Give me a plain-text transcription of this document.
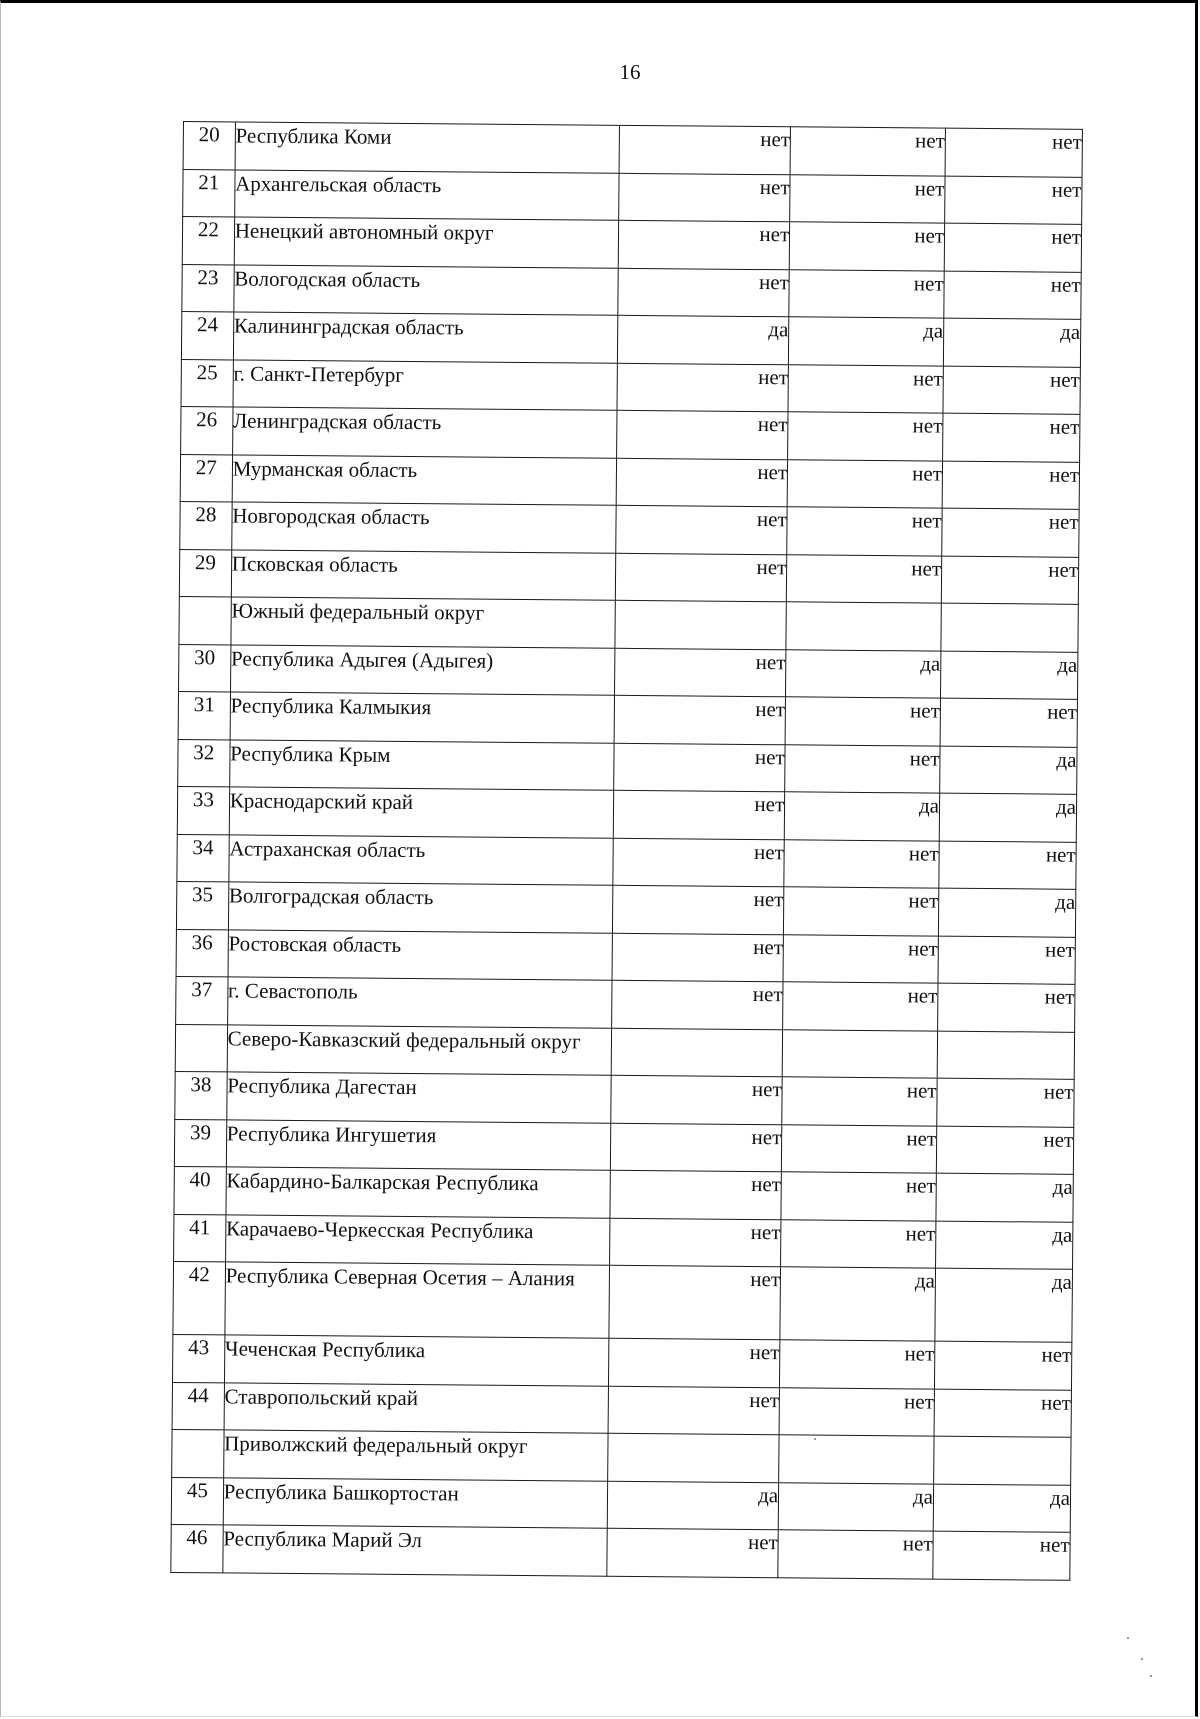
16
20	Республика Коми	нет	нет	нет
21	Архангельская область	нет	нет	нет
22	Ненецкий автономный округ	нет	нет	нет
23	Вологодская область	нет	нет	нет
24	Калининградская область	да	да	да
25	г. Санкт-Петербург	нет	нет	нет
26	Ленинградская область	нет	нет	нет
27	Мурманская область	нет	нет	нет
28	Новгородская область	нет	нет	нет
29	Псковская область	нет	нет	нет
	Южный федеральный округ			
30	Республика Адыгея (Адыгея)	нет	да	да
31	Республика Калмыкия	нет	нет	нет
32	Республика Крым	нет	нет	да
33	Краснодарский край	нет	да	да
34	Астраханская область	нет	нет	нет
35	Волгоградская область	нет	нет	да
36	Ростовская область	нет	нет	нет
37	г. Севастополь	нет	нет	нет
	Северо-Кавказский федеральный округ			
38	Республика Дагестан	нет	нет	нет
39	Республика Ингушетия	нет	нет	нет
40	Кабардино-Балкарская Республика	нет	нет	да
41	Карачаево-Черкесская Республика	нет	нет	да
42	Республика Северная Осетия – Алания	нет	да	да
43	Чеченская Республика	нет	нет	нет
44	Ставропольский край	нет	нет	нет
	Приволжский федеральный округ			
45	Республика Башкортостан	да	да	да
46	Республика Марий Эл	нет	нет	нет
